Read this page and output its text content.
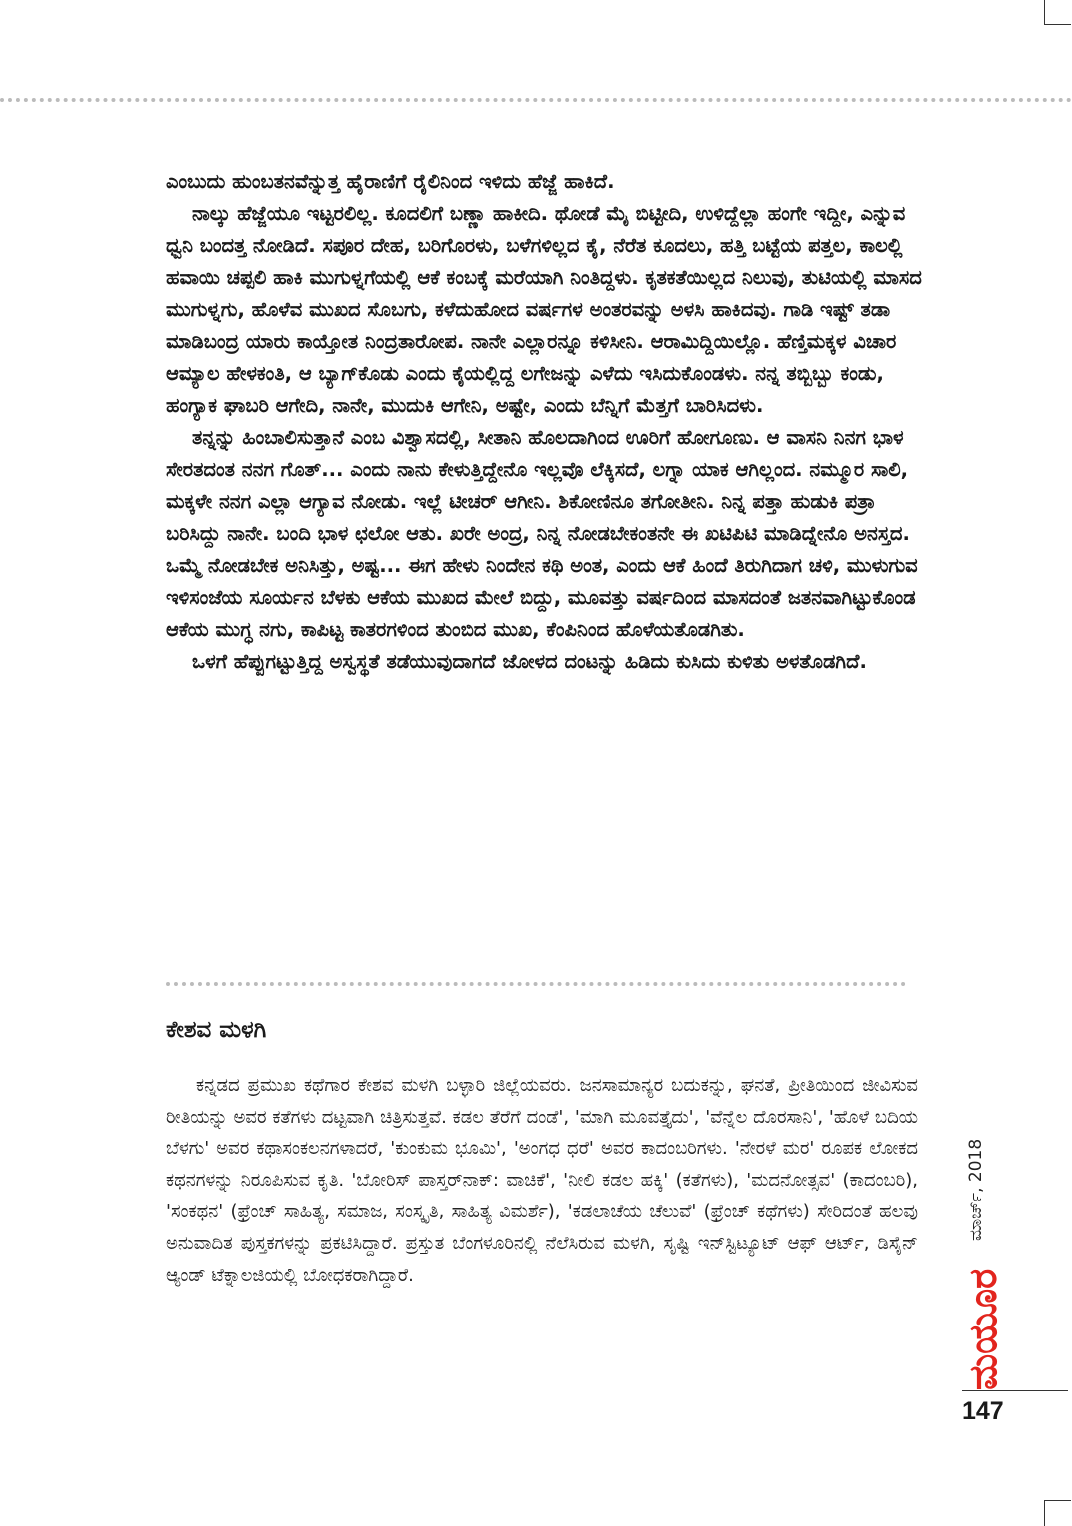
ಎಂಬುದು ಹುಂಬತನವೆನ್ನುತ್ತ ಹೈರಾಣಿಗೆ ರೈಲಿನಿಂದ ಇಳಿದು ಹೆಜ್ಜೆ ಹಾಕಿದೆ.

ನಾಲ್ಕು ಹೆಜ್ಜೆಯೂ ಇಟ್ಟರಲಿಲ್ಲ. ಕೂದಲಿಗೆ ಬಣ್ಣಾ ಹಾಕೀದಿ. ಥೋಡೆ ಮೈ ಬಿಟ್ಟೀದಿ, ಉಳಿದ್ದೆಲ್ಲಾ ಹಂಗೇ ಇದ್ದೀ, ಎನ್ನುವ ಧ್ವನಿ ಬಂದತ್ತ ನೋಡಿದೆ. ಸಪೂರ ದೇಹ, ಬರಿಗೊರಳು, ಬಳೆಗಳಿಲ್ಲದ ಕೈ, ನೆರೆತ ಕೂದಲು, ಹತ್ತಿ ಬಟ್ಟೆಯ ಪತ್ತಲ, ಕಾಲಲ್ಲಿ ಹವಾಯಿ ಚಪ್ಪಲಿ ಹಾಕಿ ಮುಗುಳ್ನಗೆಯಲ್ಲಿ ಆಕೆ ಕಂಬಕ್ಕೆ ಮರೆಯಾಗಿ ನಿಂತಿದ್ದಳು. ಕೃತಕತೆಯಿಲ್ಲದ ನಿಲುವು, ತುಟಿಯಲ್ಲಿ ಮಾಸದ ಮುಗುಳ್ನಗು, ಹೊಳೆವ ಮುಖದ ಸೊಬಗು, ಕಳೆದುಹೋದ ವರ್ಷಗಳ ಅಂತರವನ್ನು ಅಳಸಿ ಹಾಕಿದವು. ಗಾಡಿ ಇಷ್ಟ್ ತಡಾ ಮಾಡಿಬಂದ್ರ ಯಾರು ಕಾಯ್ತೋತ ನಿಂದ್ರತಾರೋಪ. ನಾನೇ ಎಲ್ಲಾರನ್ನೂ ಕಳಿಸೀನಿ. ಆರಾಮಿದ್ದಿಯಿಲ್ಲೊ. ಹೆಣ್ತಿಮಕ್ಕಳ ವಿಚಾರ ಆಮ್ಯಾಲ ಹೇಳಕಂತಿ, ಆ ಬ್ಯಾಗ್‌ಕೊಡು ಎಂದು ಕೈಯಲ್ಲಿದ್ದ ಲಗೇಜನ್ನು ಎಳೆದು ಇಸಿದುಕೊಂಡಳು. ನನ್ನ ತಬ್ಬಿಬ್ಬು ಕಂಡು, ಹಂಗ್ಯಾಕ ಘಾಬರಿ ಆಗೇದಿ, ನಾನೇ, ಮುದುಕಿ ಆಗೇನಿ, ಅಷ್ಟೇ, ಎಂದು ಬೆನ್ನಿಗೆ ಮೆತ್ತಗೆ ಬಾರಿಸಿದಳು.

ತನ್ನನ್ನು ಹಿಂಬಾಲಿಸುತ್ತಾನೆ ಎಂಬ ವಿಶ್ವಾಸದಲ್ಲಿ, ಸೀತಾನಿ ಹೊಲದಾಗಿಂದ ಊರಿಗೆ ಹೋಗೂಣು. ಆ ವಾಸನಿ ನಿನಗ ಭಾಳ ಸೇರತದಂತ ನನಗ ಗೊತ್... ಎಂದು ನಾನು ಕೇಳುತ್ತಿದ್ದೇನೊ ಇಲ್ಲವೊ ಲೆಕ್ಕಿಸದೆ, ಲಗ್ನಾ ಯಾಕ ಆಗಿಲ್ಲಂದ. ನಮ್ಮೂರ ಸಾಲಿ, ಮಕ್ಕಳೇ ನನಗ ಎಲ್ಲಾ ಆಗ್ಯಾವ ನೋಡು. ಇಲ್ಲೆ ಟೀಚರ್ ಆಗೀನಿ. ಶಿಕೋಣಿನೂ ತಗೋತೀನಿ. ನಿನ್ನ ಪತ್ತಾ ಹುಡುಕಿ ಪತ್ರಾ ಬರಿಸಿದ್ದು ನಾನೇ. ಬಂದಿ ಭಾಳ ಛಲೋ ಆತು. ಖರೇ ಅಂದ್ರ, ನಿನ್ನ ನೋಡಬೇಕಂತನೇ ಈ ಖಟಿಪಿಟಿ ಮಾಡಿದ್ನೇನೊ ಅನಸ್ತದ. ಒಮ್ಮೆ ನೋಡಬೇಕ ಅನಿಸಿತ್ತು, ಅಷ್ಟ... ಈಗ ಹೇಳು ನಿಂದೇನ ಕಥಿ ಅಂತ, ಎಂದು ಆಕೆ ಹಿಂದೆ ತಿರುಗಿದಾಗ ಚಳಿ, ಮುಳುಗುವ ಇಳಿಸಂಜೆಯ ಸೂರ್ಯನ ಬೆಳಕು ಆಕೆಯ ಮುಖದ ಮೇಲೆ ಬಿದ್ದು, ಮೂವತ್ತು ವರ್ಷದಿಂದ ಮಾಸದಂತೆ ಜತನವಾಗಿಟ್ಟುಕೊಂಡ ಆಕೆಯ ಮುಗ್ಧ ನಗು, ಕಾಪಿಟ್ಟ ಕಾತರಗಳಿಂದ ತುಂಬಿದ ಮುಖ, ಕೆಂಪಿನಿಂದ ಹೊಳೆಯತೊಡಗಿತು.

ಒಳಗೆ ಹೆಪ್ಪುಗಟ್ಟುತ್ತಿದ್ದ ಅಸ್ವಸ್ಥತೆ ತಡೆಯುವುದಾಗದೆ ಜೋಳದ ದಂಟನ್ನು ಹಿಡಿದು ಕುಸಿದು ಕುಳಿತು ಅಳತೊಡಗಿದೆ.

ಕೇಶವ ಮಳಗಿ

ಕನ್ನಡದ ಪ್ರಮುಖ ಕಥೆಗಾರ ಕೇಶವ ಮಳಗಿ ಬಳ್ಳಾರಿ ಜಿಲ್ಲೆಯವರು. ಜನಸಾಮಾನ್ಯರ ಬದುಕನ್ನು, ಘನತೆ, ಪ್ರೀತಿಯಿಂದ ಜೀವಿಸುವ ರೀತಿಯನ್ನು ಅವರ ಕತೆಗಳು ದಟ್ಟವಾಗಿ ಚಿತ್ರಿಸುತ್ತವೆ. ಕಡಲ ತೆರೆಗೆ ದಂಡೆ', 'ಮಾಗಿ ಮೂವತ್ತೈದು', 'ವೆನ್ನೆಲ ದೊರಸಾನಿ', 'ಹೊಳೆ ಬದಿಯ ಬೆಳಗು' ಅವರ ಕಥಾಸಂಕಲನಗಳಾದರೆ, 'ಕುಂಕುಮ ಭೂಮಿ', 'ಅಂಗಧ ಧರೆ' ಅವರ ಕಾದಂಬರಿಗಳು. 'ನೇರಳೆ ಮರ' ರೂಪಕ ಲೋಕದ ಕಥನಗಳನ್ನು ನಿರೂಪಿಸುವ ಕೃತಿ. 'ಬೋರಿಸ್ ಪಾಸ್ತರ್‌ನಾಕ್: ವಾಚಿಕೆ', 'ನೀಲಿ ಕಡಲ ಹಕ್ಕಿ' (ಕತೆಗಳು), 'ಮದನೋತ್ಸವ' (ಕಾದಂಬರಿ), 'ಸಂಕಥನ' (ಫ್ರೆಂಚ್ ಸಾಹಿತ್ಯ, ಸಮಾಜ, ಸಂಸ್ಕೃತಿ, ಸಾಹಿತ್ಯ ವಿಮರ್ಶೆ), 'ಕಡಲಾಚೆಯ ಚೆಲುವೆ' (ಫ್ರೆಂಚ್ ಕಥೆಗಳು) ಸೇರಿದಂತೆ ಹಲವು ಅನುವಾದಿತ ಪುಸ್ತಕಗಳನ್ನು ಪ್ರಕಟಿಸಿದ್ದಾರೆ. ಪ್ರಸ್ತುತ ಬೆಂಗಳೂರಿನಲ್ಲಿ ನೆಲೆಸಿರುವ ಮಳಗಿ, ಸೃಷ್ಟಿ ಇನ್‌ಸ್ಟಿಟ್ಯೂಟ್ ಆಫ್ ಆರ್ಟ್, ಡಿಸೈನ್ ಆ್ಯಂಡ್ ಟೆಕ್ನಾಲಜಿಯಲ್ಲಿ ಬೋಧಕರಾಗಿದ್ದಾರೆ.

ಮಾರ್ಚ್, 2018
ಮಯೂರ
147
